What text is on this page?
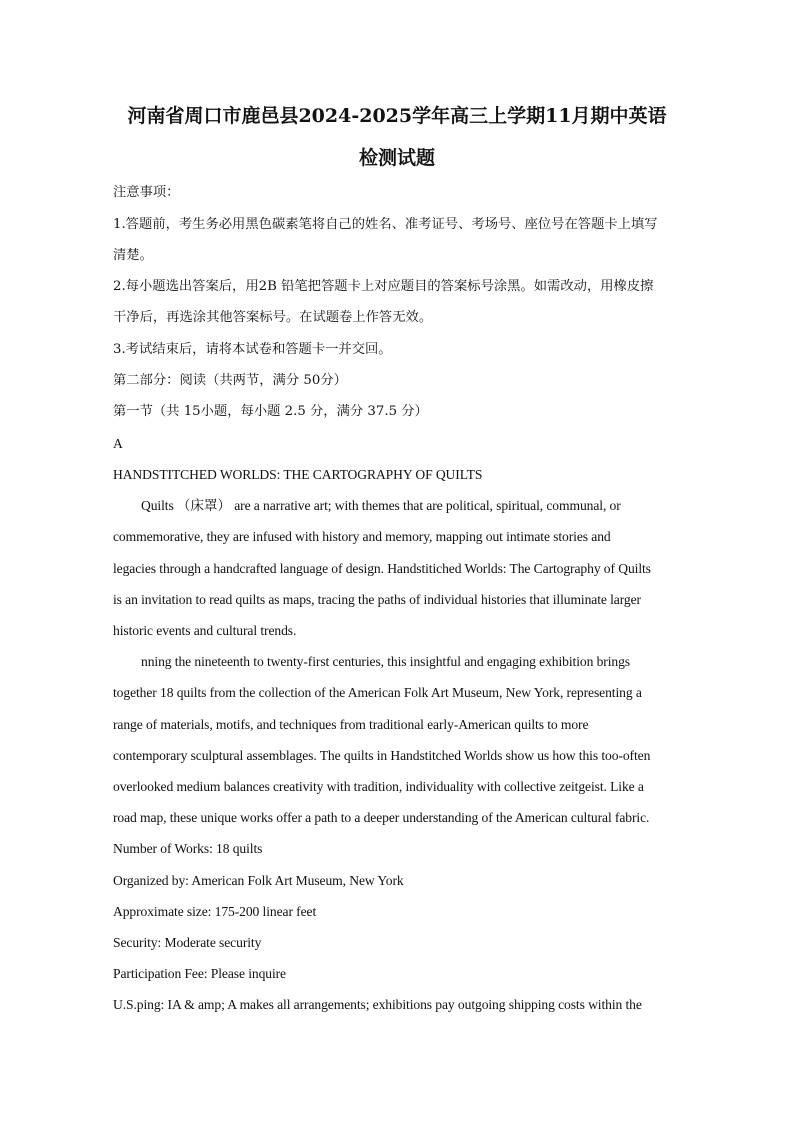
河南省周口市鹿邑县2024-2025学年高三上学期11月期中英语
检测试题
注意事项：
1.答题前，考生务必用黑色碳素笔将自己的姓名、准考证号、考场号、座位号在答题卡上填写
清楚。
2.每小题选出答案后，用2B 铅笔把答题卡上对应题目的答案标号涂黑。如需改动，用橡皮擦
干净后，再选涂其他答案标号。在试题卷上作答无效。
3.考试结束后，请将本试卷和答题卡一并交回。
第二部分：阅读（共两节，满分 50分）
第一节（共 15小题，每小题 2.5 分，满分 37.5 分）
A
HANDSTITCHED WORLDS: THE CARTOGRAPHY OF QUILTS
Quilts （床罩） are a narrative art; with themes that are political, spiritual, communal, or
commemorative, they are infused with history and memory, mapping out intimate stories and
legacies through a handcrafted language of design. Handstitiched Worlds: The Cartography of Quilts
is an invitation to read quilts as maps, tracing the paths of individual histories that illuminate larger
historic events and cultural trends.
nning the nineteenth to twenty-first centuries, this insightful and engaging exhibition brings
together 18 quilts from the collection of the American Folk Art Museum, New York, representing a
range of materials, motifs, and techniques from traditional early-American quilts to more
contemporary sculptural assemblages. The quilts in Handstitched Worlds show us how this too-often
overlooked medium balances creativity with tradition, individuality with collective zeitgeist. Like a
road map, these unique works offer a path to a deeper understanding of the American cultural fabric.
Number of Works: 18 quilts
Organized by: American Folk Art Museum, New York
Approximate size: 175-200 linear feet
Security: Moderate security
Participation Fee: Please inquire
U.S.ping: IA & amp; A makes all arrangements; exhibitions pay outgoing shipping costs within the
